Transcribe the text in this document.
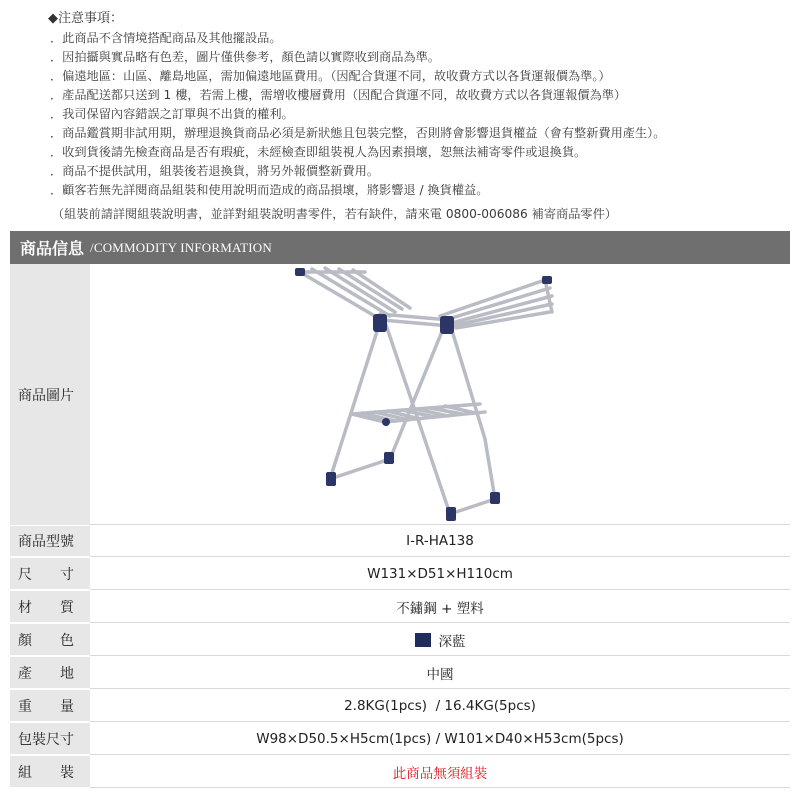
◆注意事項：
．此商品不含情境搭配商品及其他擺設品。
．因拍攝與實品略有色差，圖片僅供參考，顏色請以實際收到商品為準。
．偏遠地區：山區、離島地區，需加偏遠地區費用。（因配合貨運不同，故收費方式以各貨運報價為準。）
．產品配送都只送到 1 樓，若需上樓，需增收樓層費用（因配合貨運不同，故收費方式以各貨運報價為準）
．我司保留內容錯誤之訂單與不出貨的權利。
．商品鑑賞期非試用期，辦理退換貨商品必須是新狀態且包裝完整，否則將會影響退貨權益（會有整新費用產生）。
．收到貨後請先檢查商品是否有瑕疵，未經檢查即組裝視人為因素損壞，恕無法補寄零件或退換貨。
．商品不提供試用，組裝後若退換貨，將另外報價整新費用。
．顧客若無先詳閱商品組裝和使用說明而造成的商品損壞，將影響退 / 換貨權益。
（組裝前請詳閱組裝說明書，並詳對組裝說明書零件，若有缺件，請來電 0800-006086 補寄商品零件）
商品信息 /COMMODITY INFORMATION
商品圖片
商品型號	I-R-HA138
尺　　寸	W131×D51×H110cm
材　　質	不鏽鋼 + 塑料
顏　　色	深藍
產　　地	中國
重　　量	2.8KG(1pcs)  / 16.4KG(5pcs)
包裝尺寸	W98×D50.5×H5cm(1pcs) / W101×D40×H53cm(5pcs)
組　　裝	此商品無須組裝
